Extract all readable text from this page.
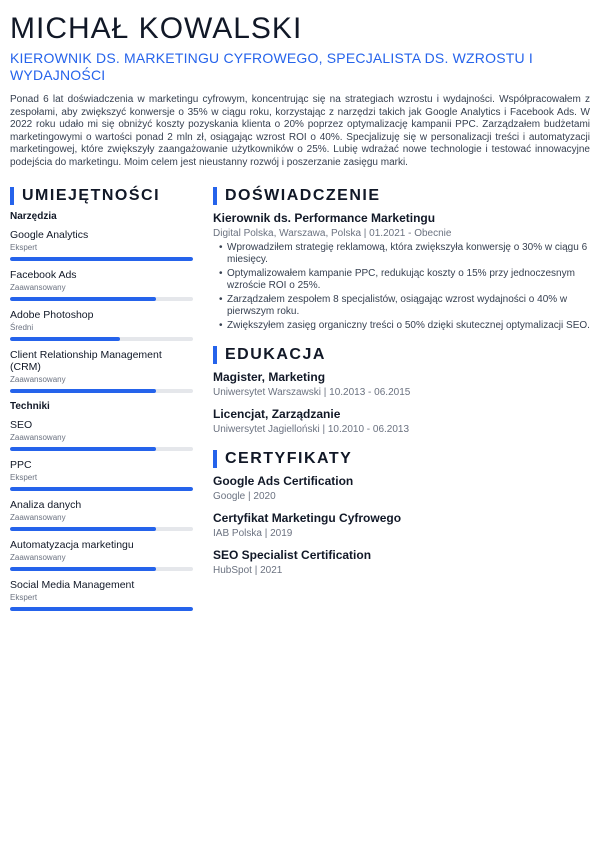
MICHAŁ KOWALSKI
KIEROWNIK DS. MARKETINGU CYFROWEGO, SPECJALISTA DS. WZROSTU I WYDAJNOŚCI
Ponad 6 lat doświadczenia w marketingu cyfrowym, koncentrując się na strategiach wzrostu i wydajności. Współpracowałem z zespołami, aby zwiększyć konwersje o 35% w ciągu roku, korzystając z narzędzi takich jak Google Analytics i Facebook Ads. W 2022 roku udało mi się obniżyć koszty pozyskania klienta o 20% poprzez optymalizację kampanii PPC. Zarządzałem budżetami marketingowymi o wartości ponad 2 mln zł, osiągając wzrost ROI o 40%. Specjalizuję się w personalizacji treści i automatyzacji marketingowej, które zwiększyły zaangażowanie użytkowników o 25%. Lubię wdrażać nowe technologie i testować innowacyjne podejścia do marketingu. Moim celem jest nieustanny rozwój i poszerzanie zasięgu marki.
UMIEJĘTNOŚCI
Narzędzia
Google Analytics
Ekspert
Facebook Ads
Zaawansowany
Adobe Photoshop
Średni
Client Relationship Management (CRM)
Zaawansowany
Techniki
SEO
Zaawansowany
PPC
Ekspert
Analiza danych
Zaawansowany
Automatyzacja marketingu
Zaawansowany
Social Media Management
Ekspert
DOŚWIADCZENIE
Kierownik ds. Performance Marketingu
Digital Polska, Warszawa, Polska | 01.2021 - Obecnie
• Wprowadziłem strategię reklamową, która zwiększyła konwersję o 30% w ciągu 6 miesięcy.
• Optymalizowałem kampanie PPC, redukując koszty o 15% przy jednoczesnym wzroście ROI o 25%.
• Zarządzałem zespołem 8 specjalistów, osiągając wzrost wydajności o 40% w pierwszym roku.
• Zwiększyłem zasięg organiczny treści o 50% dzięki skutecznej optymalizacji SEO.
EDUKACJA
Magister, Marketing
Uniwersytet Warszawski | 10.2013 - 06.2015
Licencjat, Zarządzanie
Uniwersytet Jagielloński | 10.2010 - 06.2013
CERTYFIKATY
Google Ads Certification
Google | 2020
Certyfikat Marketingu Cyfrowego
IAB Polska | 2019
SEO Specialist Certification
HubSpot | 2021
